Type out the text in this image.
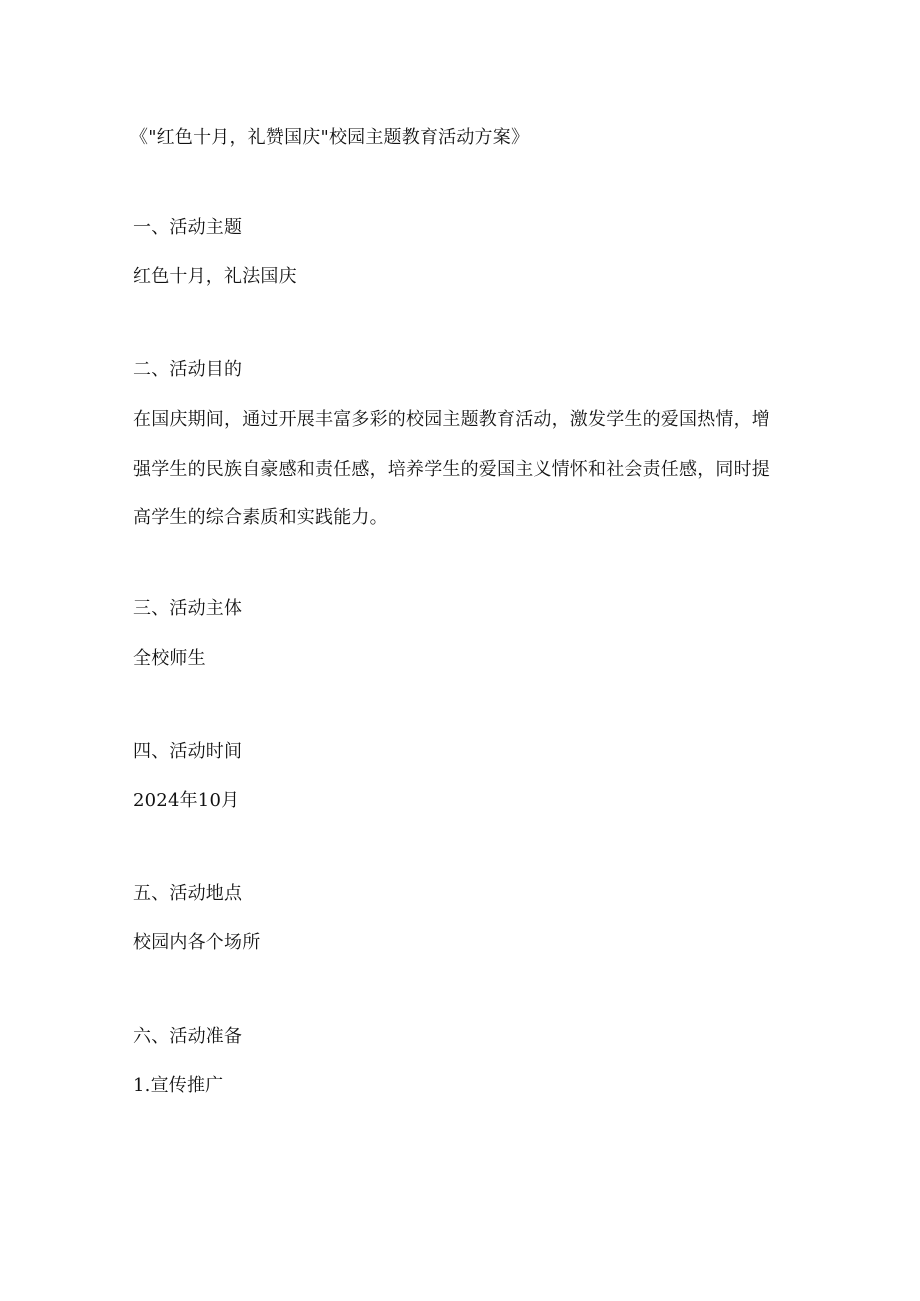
《"红色十月，礼赞国庆"校园主题教育活动方案》
一、活动主题
红色十月，礼法国庆
二、活动目的
在国庆期间，通过开展丰富多彩的校园主题教育活动，激发学生的爱国热情，增
强学生的民族自豪感和责任感，培养学生的爱国主义情怀和社会责任感，同时提
高学生的综合素质和实践能力。
三、活动主体
全校师生
四、活动时间
2024年10月
五、活动地点
校园内各个场所
六、活动准备
1.宣传推广
